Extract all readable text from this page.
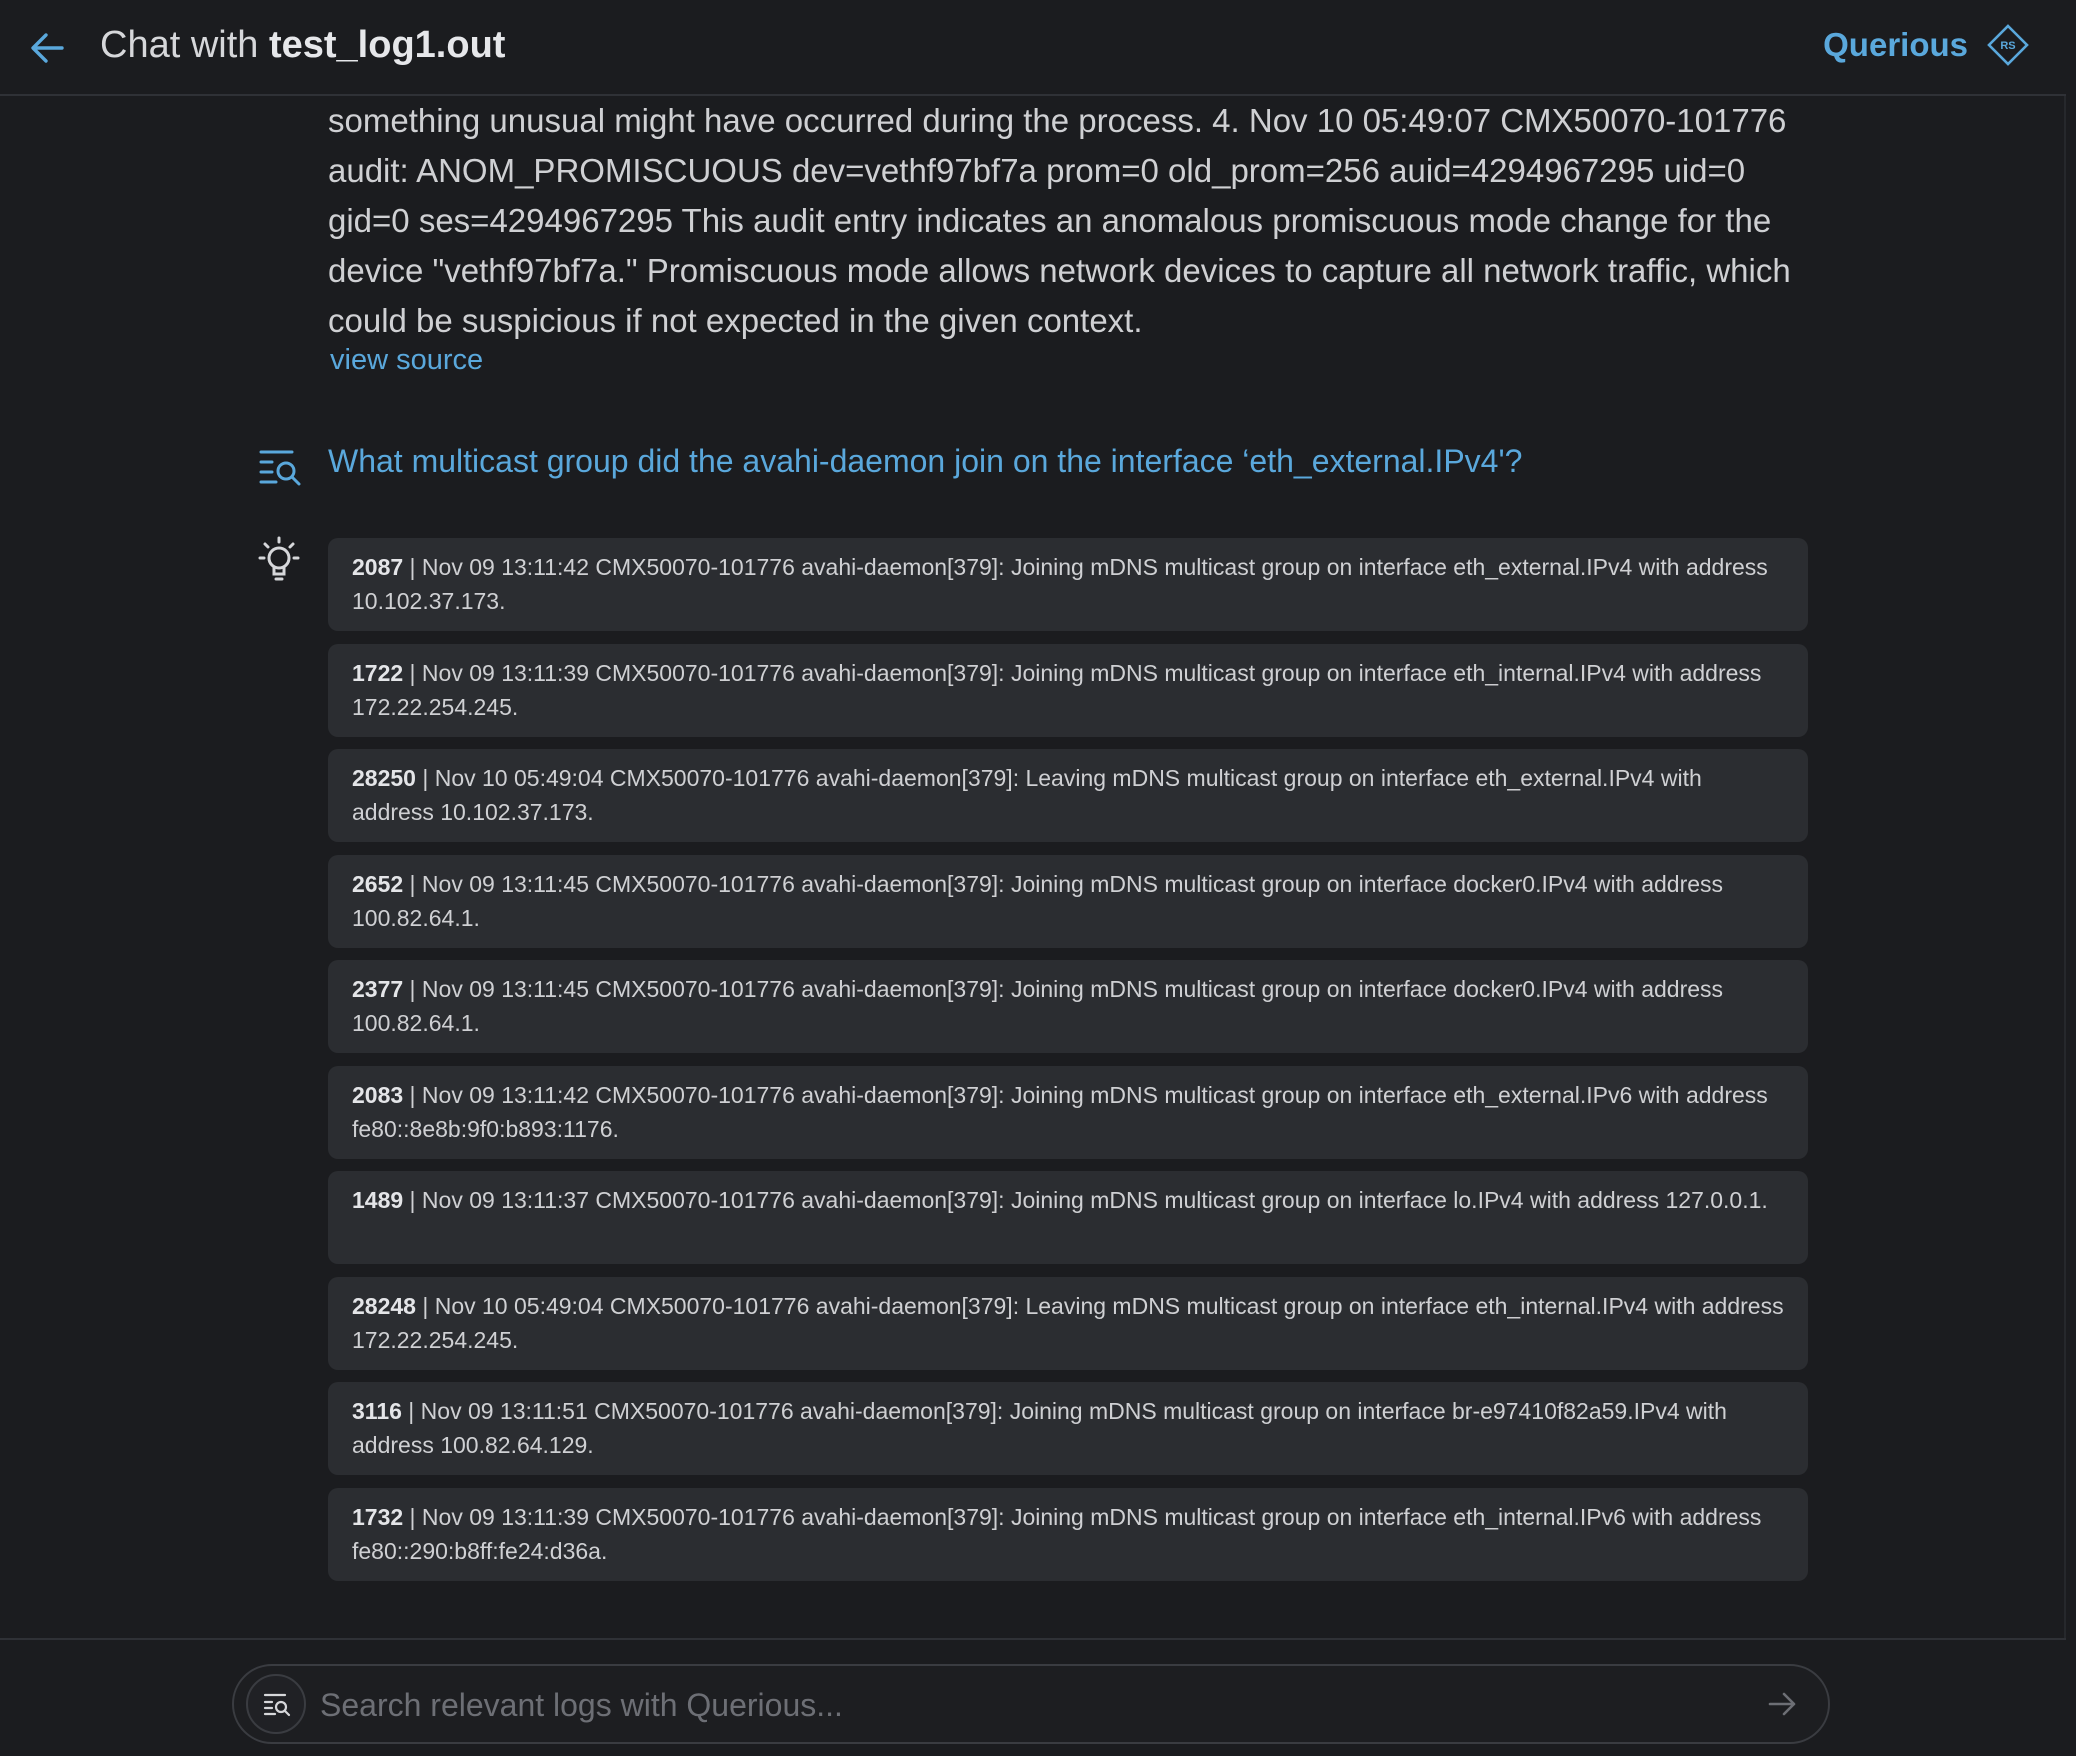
Chat with test_log1.out	Querious	RS
something unusual might have occurred during the process. 4. Nov 10 05:49:07 CMX50070-101776 audit: ANOM_PROMISCUOUS dev=vethf97bf7a prom=0 old_prom=256 auid=4294967295 uid=0 gid=0 ses=4294967295 This audit entry indicates an anomalous promiscuous mode change for the device "vethf97bf7a." Promiscuous mode allows network devices to capture all network traffic, which could be suspicious if not expected in the given context.
view source
What multicast group did the avahi-daemon join on the interface ‘eth_external.IPv4'?
2087 | Nov 09 13:11:42 CMX50070-101776 avahi-daemon[379]: Joining mDNS multicast group on interface eth_external.IPv4 with address 10.102.37.173.
1722 | Nov 09 13:11:39 CMX50070-101776 avahi-daemon[379]: Joining mDNS multicast group on interface eth_internal.IPv4 with address 172.22.254.245.
28250 | Nov 10 05:49:04 CMX50070-101776 avahi-daemon[379]: Leaving mDNS multicast group on interface eth_external.IPv4 with address 10.102.37.173.
2652 | Nov 09 13:11:45 CMX50070-101776 avahi-daemon[379]: Joining mDNS multicast group on interface docker0.IPv4 with address 100.82.64.1.
2377 | Nov 09 13:11:45 CMX50070-101776 avahi-daemon[379]: Joining mDNS multicast group on interface docker0.IPv4 with address 100.82.64.1.
2083 | Nov 09 13:11:42 CMX50070-101776 avahi-daemon[379]: Joining mDNS multicast group on interface eth_external.IPv6 with address fe80::8e8b:9f0:b893:1176.
1489 | Nov 09 13:11:37 CMX50070-101776 avahi-daemon[379]: Joining mDNS multicast group on interface lo.IPv4 with address 127.0.0.1.
28248 | Nov 10 05:49:04 CMX50070-101776 avahi-daemon[379]: Leaving mDNS multicast group on interface eth_internal.IPv4 with address 172.22.254.245.
3116 | Nov 09 13:11:51 CMX50070-101776 avahi-daemon[379]: Joining mDNS multicast group on interface br-e97410f82a59.IPv4 with address 100.82.64.129.
1732 | Nov 09 13:11:39 CMX50070-101776 avahi-daemon[379]: Joining mDNS multicast group on interface eth_internal.IPv6 with address fe80::290:b8ff:fe24:d36a.
Search relevant logs with Querious...
